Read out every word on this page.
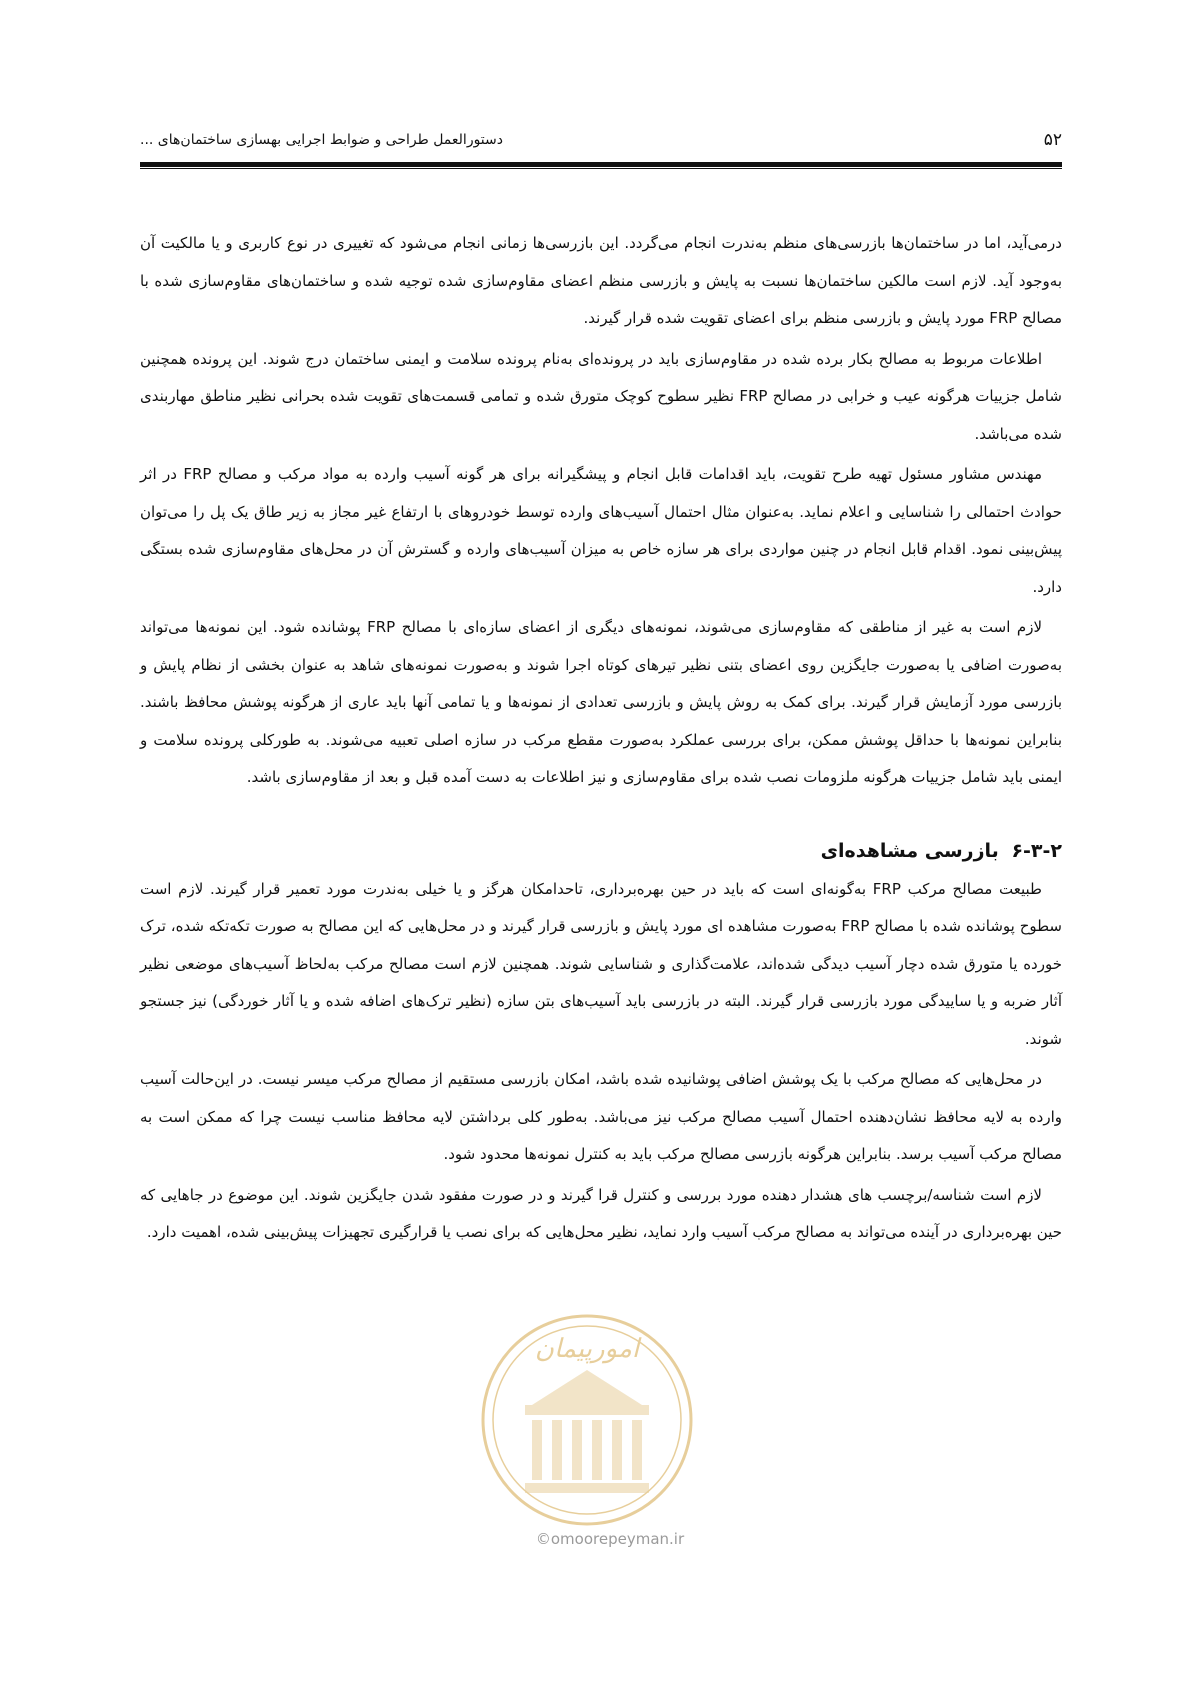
۵۲
دستورالعمل طراحی و ضوابط اجرایی بهسازی ساختمان‌های ...

درمی‌آید، اما در ساختمان‌ها بازرسی‌های منظم به‌ندرت انجام می‌گردد. این بازرسی‌ها زمانی انجام می‌شود که تغییری در نوع کاربری و یا مالکیت آن به‌وجود آید. لازم است مالکین ساختمان‌ها نسبت به پایش و بازرسی منظم اعضای مقاوم‌سازی شده توجیه شده و ساختمان‌های مقاوم‌سازی شده با مصالح FRP مورد پایش و بازرسی منظم برای اعضای تقویت شده قرار گیرند.

اطلاعات مربوط به مصالح بکار برده شده در مقاوم‌سازی باید در پرونده‌ای به‌نام پرونده سلامت و ایمنی ساختمان درج شوند. این پرونده همچنین شامل جزییات هرگونه عیب و خرابی در مصالح FRP نظیر سطوح کوچک متورق شده و تمامی قسمت‌های تقویت شده بحرانی نظیر مناطق مهاربندی شده می‌باشد.

مهندس مشاور مسئول تهیه طرح تقویت، باید اقدامات قابل انجام و پیشگیرانه برای هر گونه آسیب وارده به مواد مرکب و مصالح FRP در اثر حوادث احتمالی را شناسایی و اعلام نماید. به‌عنوان مثال احتمال آسیب‌های وارده توسط خودروهای با ارتفاع غیر مجاز به زیر طاق یک پل را می‌توان پیش‌بینی نمود. اقدام قابل انجام در چنین مواردی برای هر سازه خاص به میزان آسیب‌های وارده و گسترش آن در محل‌های مقاوم‌سازی شده بستگی دارد.

لازم است به غیر از مناطقی که مقاوم‌سازی می‌شوند، نمونه‌های دیگری از اعضای سازه‌ای با مصالح FRP پوشانده شود. این نمونه‌ها می‌تواند به‌صورت اضافی یا به‌صورت جایگزین روی اعضای بتنی نظیر تیرهای کوتاه اجرا شوند و به‌صورت نمونه‌های شاهد به عنوان بخشی از نظام پایش و بازرسی مورد آزمایش قرار گیرند. برای کمک به روش پایش و بازرسی تعدادی از نمونه‌ها و یا تمامی آنها باید عاری از هرگونه پوشش محافظ باشند. بنابراین نمونه‌ها با حداقل پوشش ممکن، برای بررسی عملکرد به‌صورت مقطع مرکب در سازه اصلی تعبیه می‌شوند. به طورکلی پرونده سلامت و ایمنی باید شامل جزییات هرگونه ملزومات نصب شده برای مقاوم‌سازی و نیز اطلاعات به دست آمده قبل و بعد از مقاوم‌سازی باشد.

۶-۳-۲ بازرسی مشاهده‌ای

طبیعت مصالح مرکب FRP به‌گونه‌ای است که باید در حین بهره‌برداری، تاحدامکان هرگز و یا خیلی به‌ندرت مورد تعمیر قرار گیرند. لازم است سطوح پوشانده شده با مصالح FRP به‌صورت مشاهده ای مورد پایش و بازرسی قرار گیرند و در محل‌هایی که این مصالح به صورت تکه‌تکه شده، ترک خورده یا متورق شده دچار آسیب دیدگی شده‌اند، علامت‌گذاری و شناسایی شوند. همچنین لازم است مصالح مرکب به‌لحاظ آسیب‌های موضعی نظیر آثار ضربه و یا ساییدگی مورد بازرسی قرار گیرند. البته در بازرسی باید آسیب‌های بتن سازه (نظیر ترک‌های اضافه شده و یا آثار خوردگی) نیز جستجو شوند.

در محل‌هایی که مصالح مرکب با یک پوشش اضافی پوشانیده شده باشد، امکان بازرسی مستقیم از مصالح مرکب میسر نیست. در این‌حالت آسیب وارده به لایه محافظ نشان‌دهنده احتمال آسیب مصالح مرکب نیز می‌باشد. به‌طور کلی برداشتن لایه محافظ مناسب نیست چرا که ممکن است به مصالح مرکب آسیب برسد. بنابراین هرگونه بازرسی مصالح مرکب باید به کنترل نمونه‌ها محدود شود.

لازم است شناسه/برچسب های هشدار دهنده مورد بررسی و کنترل قرا گیرند و در صورت مفقود شدن جایگزین شوند. این موضوع در جاهایی که حین بهره‌برداری در آینده می‌تواند به مصالح مرکب آسیب وارد نماید، نظیر محل‌هایی که برای نصب یا قرارگیری تجهیزات پیش‌بینی شده، اهمیت دارد.

امورپیمان
©omoorepeyman.ir
